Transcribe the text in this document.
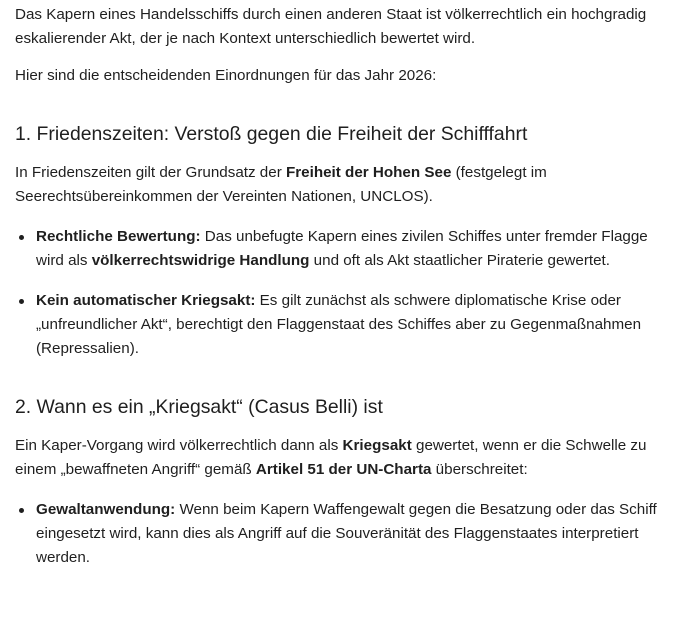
Das Kapern eines Handelsschiffs durch einen anderen Staat ist völkerrechtlich ein hochgradig eskalierender Akt, der je nach Kontext unterschiedlich bewertet wird.

Hier sind die entscheidenden Einordnungen für das Jahr 2026:

1. Friedenszeiten: Verstoß gegen die Freiheit der Schifffahrt

In Friedenszeiten gilt der Grundsatz der Freiheit der Hohen See (festgelegt im Seerechtsübereinkommen der Vereinten Nationen, UNCLOS).

Rechtliche Bewertung: Das unbefugte Kapern eines zivilen Schiffes unter fremder Flagge wird als völkerrechtswidrige Handlung und oft als Akt staatlicher Piraterie gewertet.
Kein automatischer Kriegsakt: Es gilt zunächst als schwere diplomatische Krise oder „unfreundlicher Akt“, berechtigt den Flaggenstaat des Schiffes aber zu Gegenmaßnahmen (Repressalien).
2. Wann es ein „Kriegsakt“ (Casus Belli) ist

Ein Kaper-Vorgang wird völkerrechtlich dann als Kriegsakt gewertet, wenn er die Schwelle zu einem „bewaffneten Angriff“ gemäß Artikel 51 der UN-Charta überschreitet:

Gewaltanwendung: Wenn beim Kapern Waffengewalt gegen die Besatzung oder das Schiff eingesetzt wird, kann dies als Angriff auf die Souveränität des Flaggenstaates interpretiert werden.
